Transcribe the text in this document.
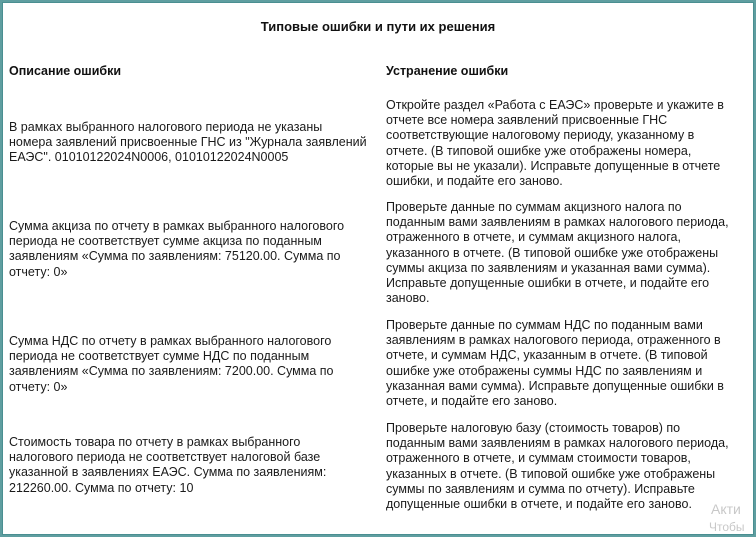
Типовые ошибки и пути их решения
Описание ошибки	Устранение ошибки
В рамках выбранного налогового периода не указаны
номера заявлений присвоенные ГНС из "Журнала заявлений
ЕАЭС". 01010122024N0006, 01010122024N0005
Откройте раздел «Работа с ЕАЭС» проверьте и укажите в
отчете все номера заявлений присвоенные ГНС
соответствующие налоговому периоду, указанному в
отчете. (В типовой ошибке уже отображены номера,
которые вы не указали). Исправьте допущенные в отчете
ошибки, и подайте его заново.
Сумма акциза по отчету в рамках выбранного налогового
периода не соответствует сумме акциза по поданным
заявлениям «Сумма по заявлениям: 75120.00. Сумма по
отчету: 0»
Проверьте данные по суммам акцизного налога по
поданным вами заявлениям в рамках налогового периода,
отраженного в отчете, и суммам акцизного налога,
указанного в отчете. (В типовой ошибке уже отображены
суммы акциза по заявлениям и указанная вами сумма).
Исправьте допущенные ошибки в отчете, и подайте его
заново.
Сумма НДС по отчету в рамках выбранного налогового
периода не соответствует сумме НДС по поданным
заявлениям «Сумма по заявлениям: 7200.00. Сумма по
отчету: 0»
Проверьте данные по суммам НДС по поданным вами
заявлениям в рамках налогового периода, отраженного в
отчете, и суммам НДС, указанным в отчете. (В типовой
ошибке уже отображены суммы НДС по заявлениям и
указанная вами сумма). Исправьте допущенные ошибки в
отчете, и подайте его заново.
Стоимость товара по отчету в рамках выбранного
налогового периода не соответствует налоговой базе
указанной в заявлениях ЕАЭС. Сумма по заявлениям:
212260.00. Сумма по отчету: 10
Проверьте налоговую базу (стоимость товаров) по
поданным вами заявлениям в рамках налогового периода,
отраженного в отчете, и суммам стоимости товаров,
указанных в отчете. (В типовой ошибке уже отображены
суммы по заявлениям и сумма по отчету). Исправьте
допущенные ошибки в отчете, и подайте его заново.	Акти
Чтобы
